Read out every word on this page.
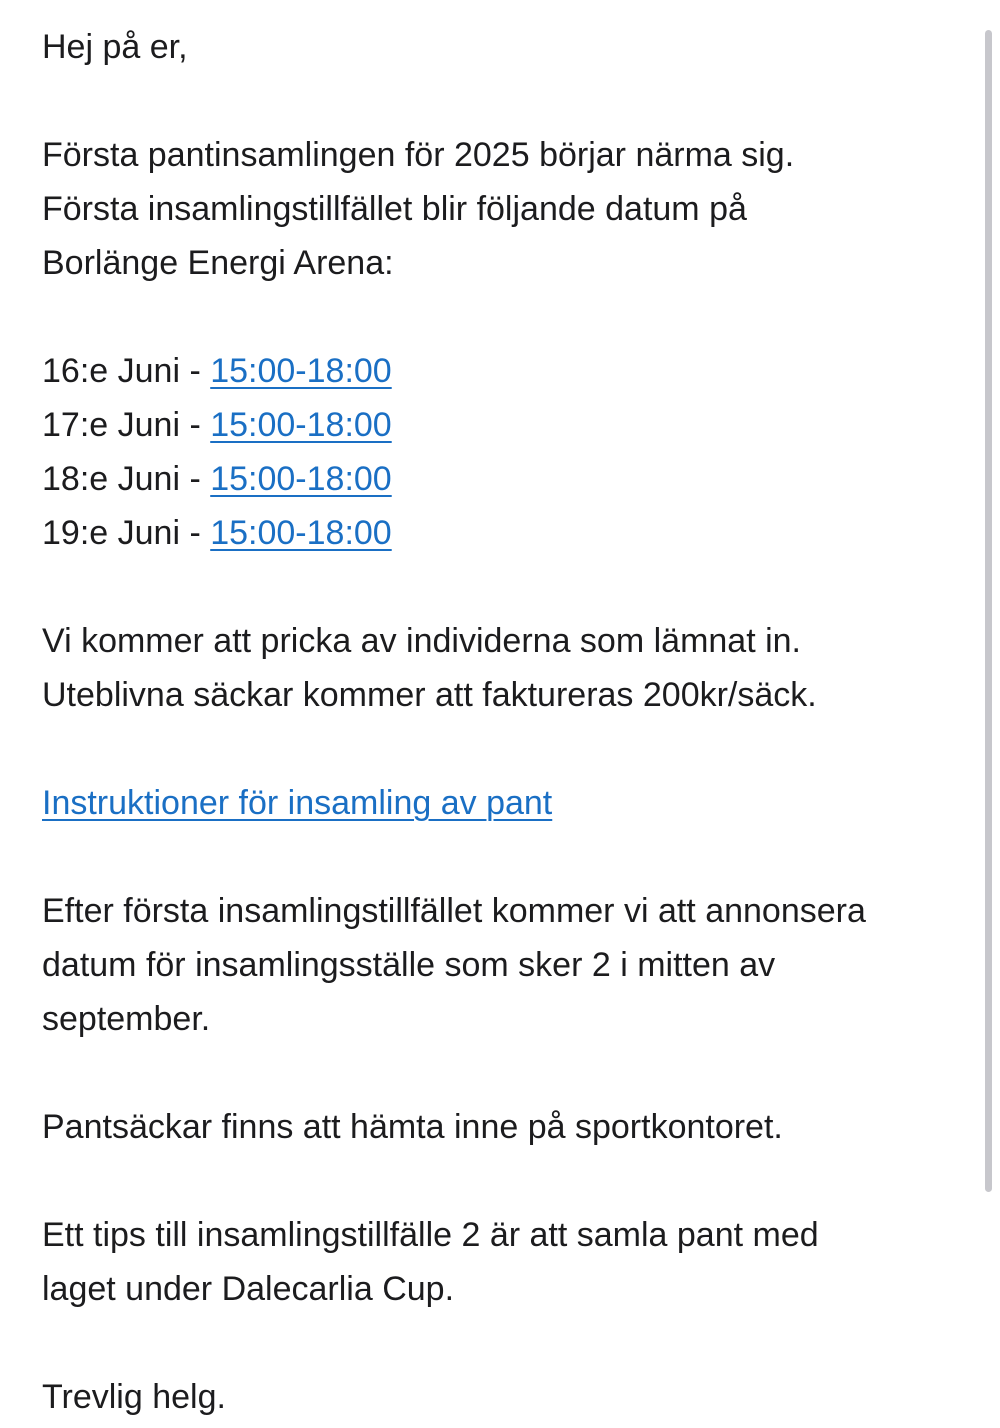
Hej på er,

Första pantinsamlingen för 2025 börjar närma sig.

Första insamlingstillfället blir följande datum på

Borlänge Energi Arena:

16:e Juni - 15:00-18:00

17:e Juni - 15:00-18:00

18:e Juni - 15:00-18:00

19:e Juni - 15:00-18:00

Vi kommer att pricka av individerna som lämnat in.

Uteblivna säckar kommer att faktureras 200kr/säck.

Instruktioner för insamling av pant

Efter första insamlingstillfället kommer vi att annonsera

datum för insamlingsställe som sker 2 i mitten av

september.

Pantsäckar finns att hämta inne på sportkontoret.

Ett tips till insamlingstillfälle 2 är att samla pant med

laget under Dalecarlia Cup.

Trevlig helg.
